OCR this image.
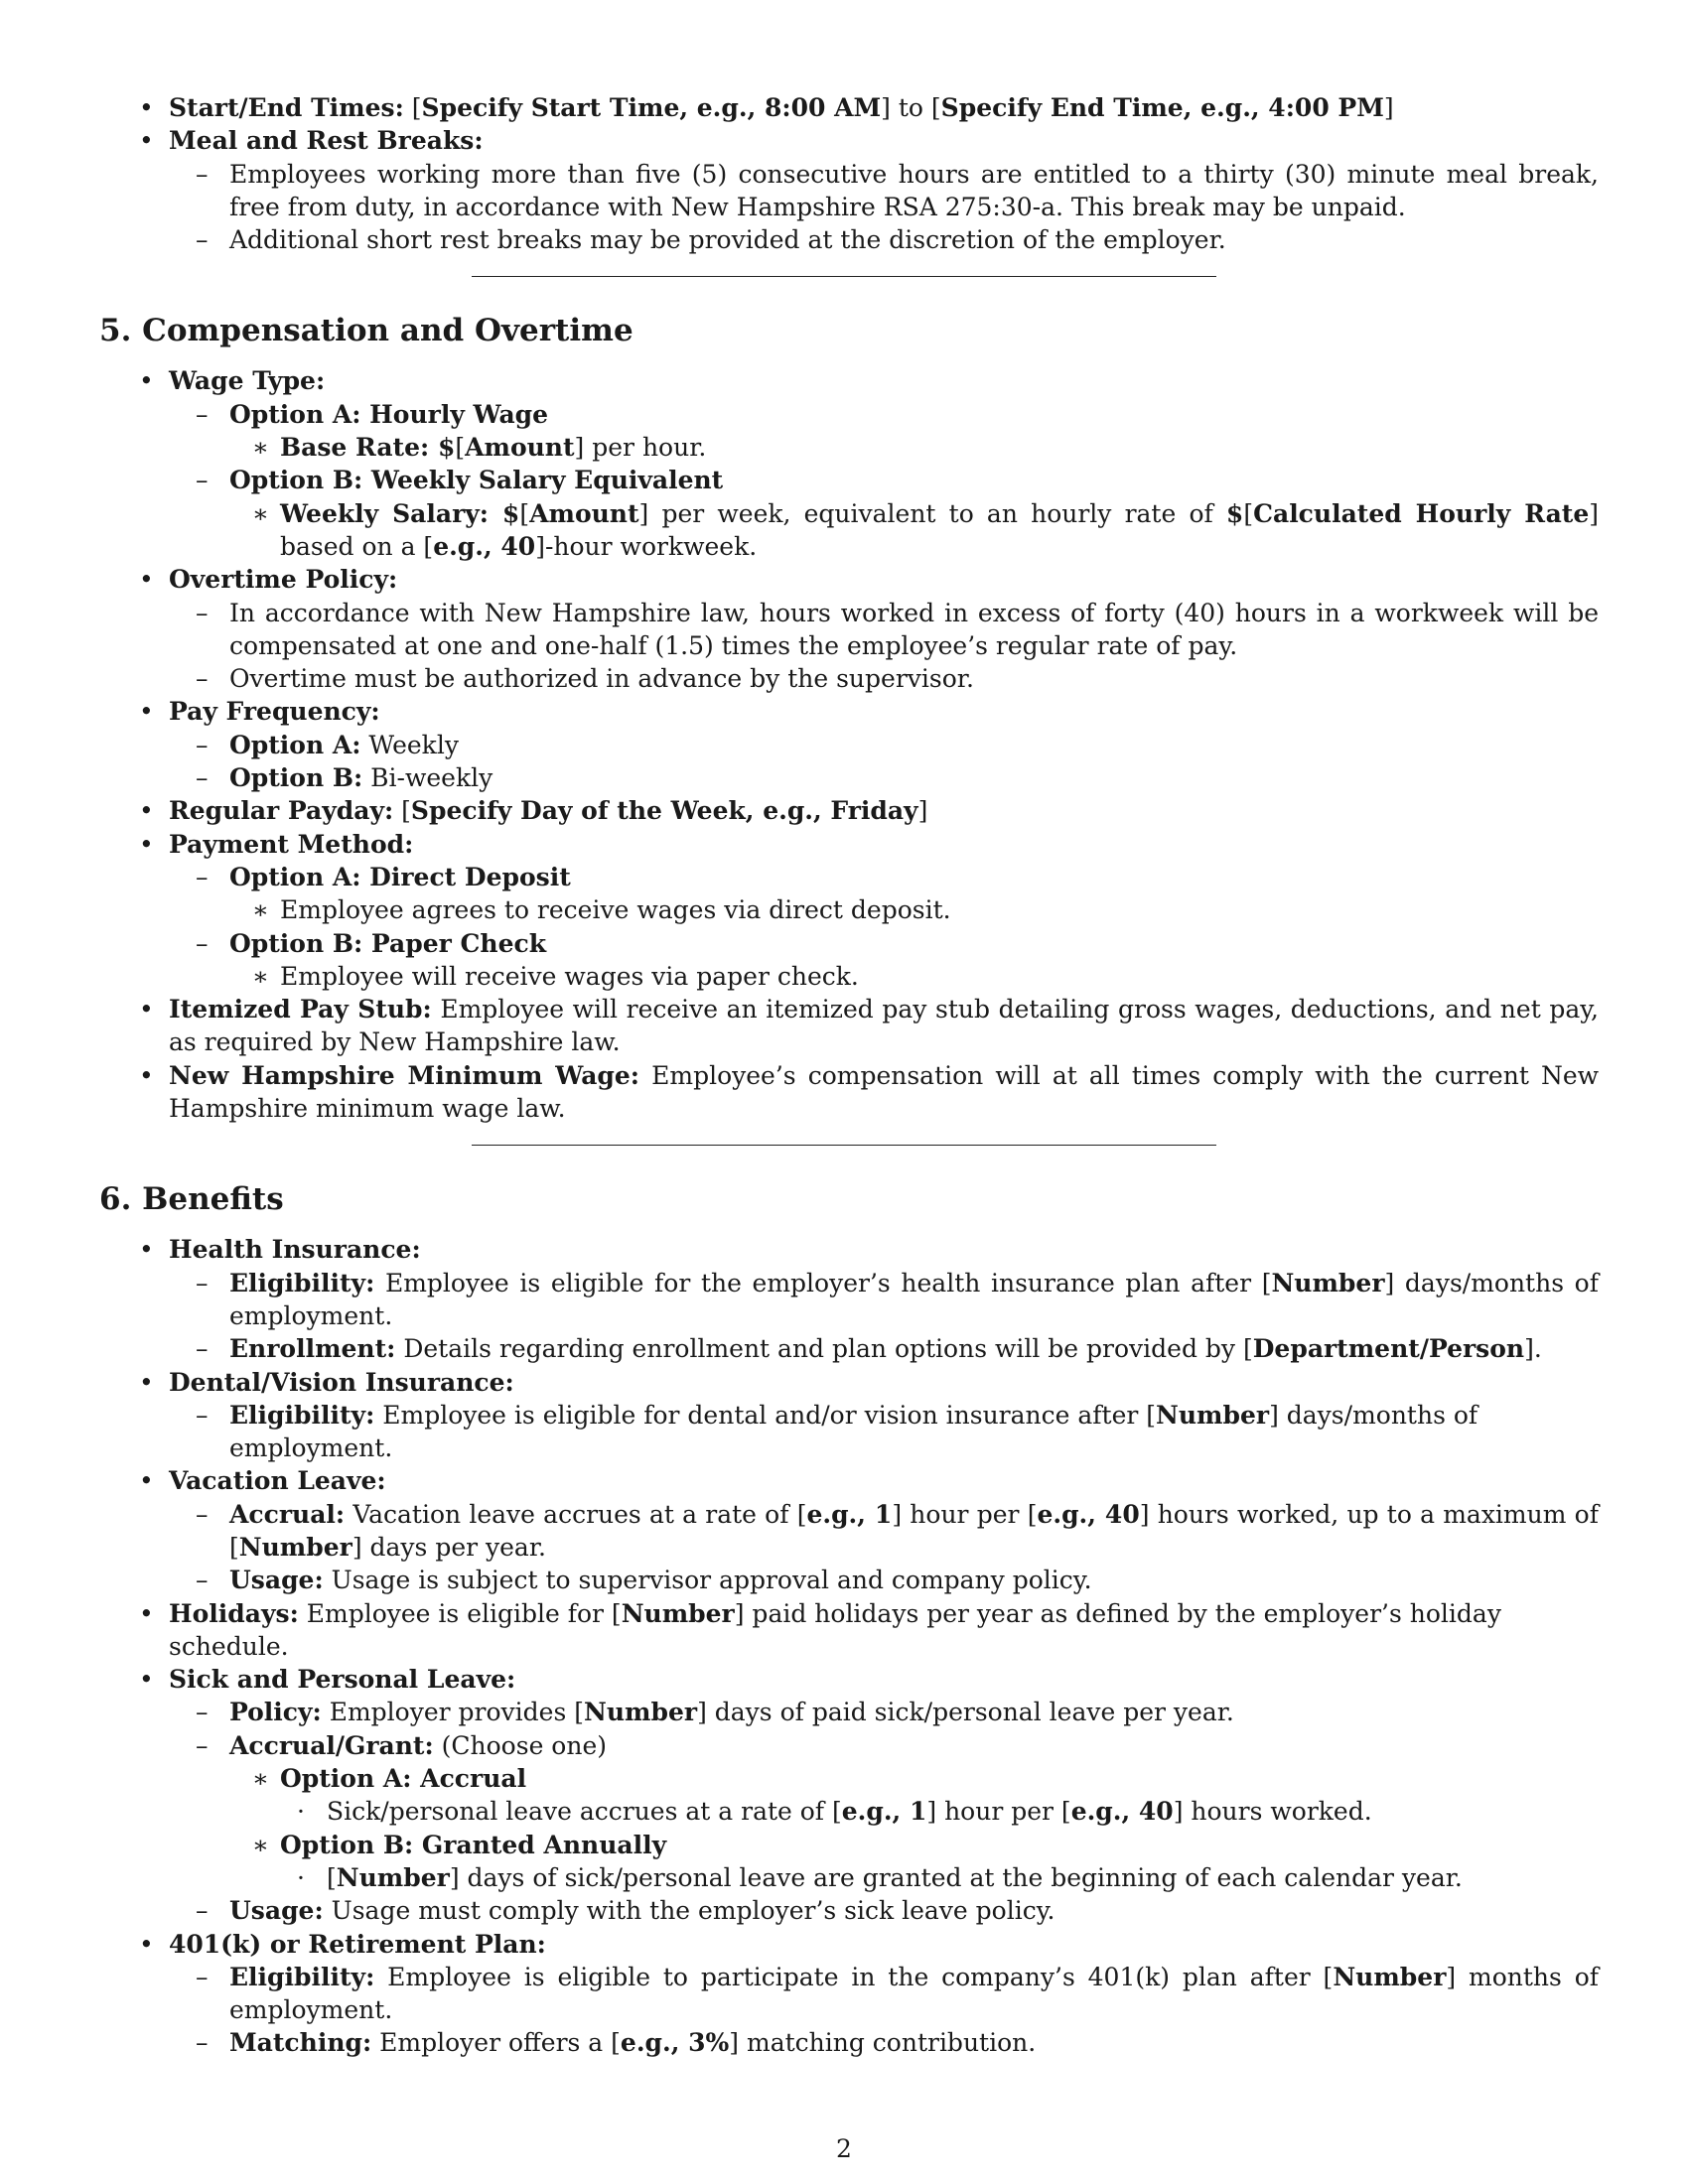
• Start/End Times: [Specify Start Time, e.g., 8:00 AM] to [Specify End Time, e.g., 4:00 PM]
• Meal and Rest Breaks:
– Employees working more than five (5) consecutive hours are entitled to a thirty (30) minute meal break, free from duty, in accordance with New Hampshire RSA 275:30-a. This break may be unpaid.
– Additional short rest breaks may be provided at the discretion of the employer.
5. Compensation and Overtime
• Wage Type:
– Option A: Hourly Wage
∗ Base Rate: $[Amount] per hour.
– Option B: Weekly Salary Equivalent
∗ Weekly Salary: $[Amount] per week, equivalent to an hourly rate of $[Calculated Hourly Rate] based on a [e.g., 40]-hour workweek.
• Overtime Policy:
– In accordance with New Hampshire law, hours worked in excess of forty (40) hours in a workweek will be compensated at one and one-half (1.5) times the employee’s regular rate of pay.
– Overtime must be authorized in advance by the supervisor.
• Pay Frequency:
– Option A: Weekly
– Option B: Bi-weekly
• Regular Payday: [Specify Day of the Week, e.g., Friday]
• Payment Method:
– Option A: Direct Deposit
∗ Employee agrees to receive wages via direct deposit.
– Option B: Paper Check
∗ Employee will receive wages via paper check.
• Itemized Pay Stub: Employee will receive an itemized pay stub detailing gross wages, deductions, and net pay, as required by New Hampshire law.
• New Hampshire Minimum Wage: Employee’s compensation will at all times comply with the current New Hampshire minimum wage law.
6. Benefits
• Health Insurance:
– Eligibility: Employee is eligible for the employer’s health insurance plan after [Number] days/months of employment.
– Enrollment: Details regarding enrollment and plan options will be provided by [Department/Person].
• Dental/Vision Insurance:
– Eligibility: Employee is eligible for dental and/or vision insurance after [Number] days/months of employment.
• Vacation Leave:
– Accrual: Vacation leave accrues at a rate of [e.g., 1] hour per [e.g., 40] hours worked, up to a maximum of [Number] days per year.
– Usage: Usage is subject to supervisor approval and company policy.
• Holidays: Employee is eligible for [Number] paid holidays per year as defined by the employer’s holiday schedule.
• Sick and Personal Leave:
– Policy: Employer provides [Number] days of paid sick/personal leave per year.
– Accrual/Grant: (Choose one)
∗ Option A: Accrual
· Sick/personal leave accrues at a rate of [e.g., 1] hour per [e.g., 40] hours worked.
∗ Option B: Granted Annually
· [Number] days of sick/personal leave are granted at the beginning of each calendar year.
– Usage: Usage must comply with the employer’s sick leave policy.
• 401(k) or Retirement Plan:
– Eligibility: Employee is eligible to participate in the company’s 401(k) plan after [Number] months of employment.
– Matching: Employer offers a [e.g., 3%] matching contribution.
2
